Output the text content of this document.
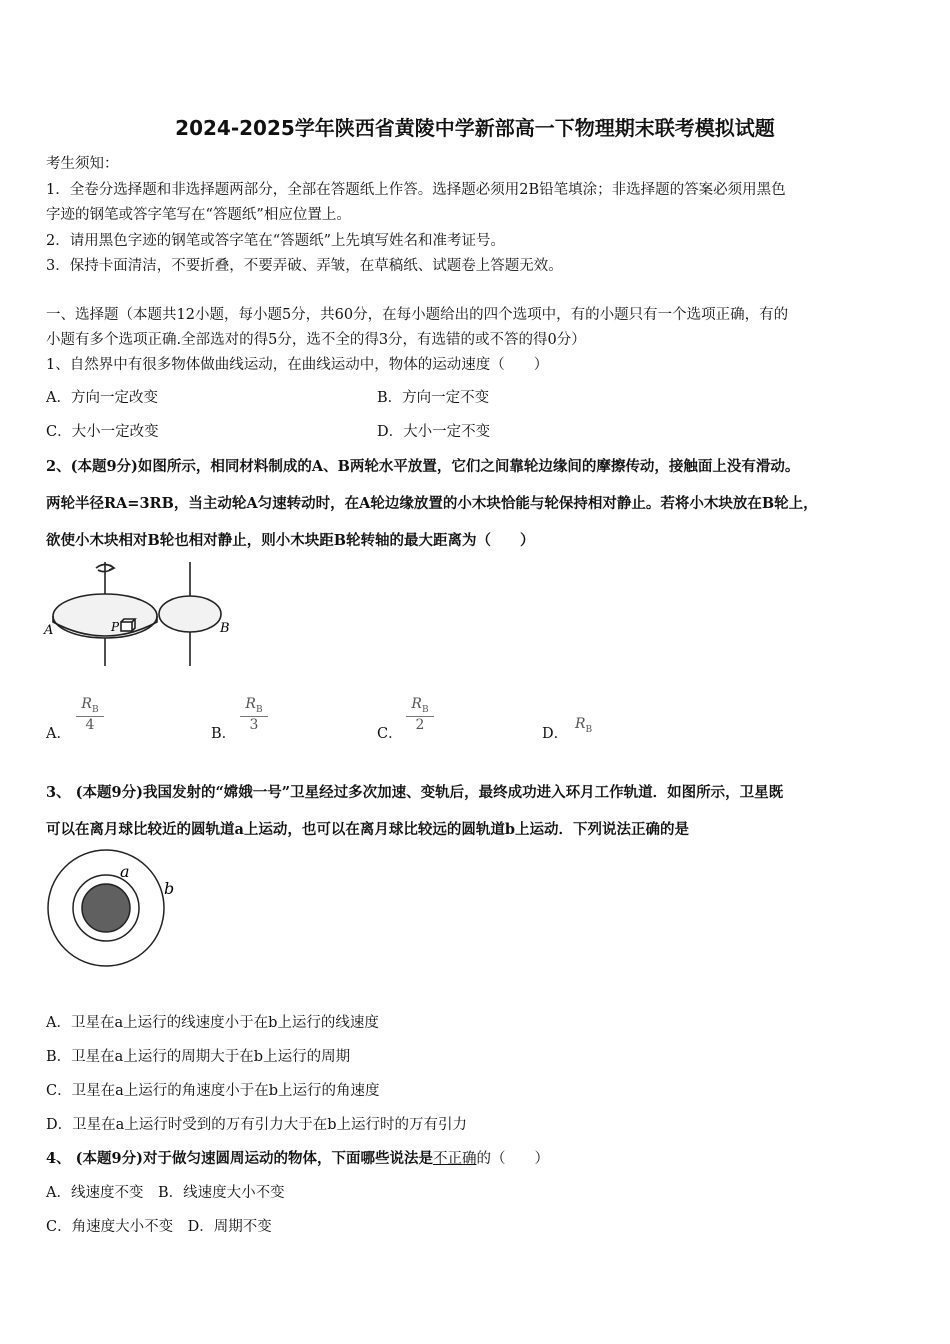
2024-2025学年陕西省黄陵中学新部高一下物理期末联考模拟试题
考生须知：
1．全卷分选择题和非选择题两部分，全部在答题纸上作答。选择题必须用2B铅笔填涂；非选择题的答案必须用黑色
字迹的钢笔或答字笔写在“答题纸”相应位置上。
2．请用黑色字迹的钢笔或答字笔在“答题纸”上先填写姓名和准考证号。
3．保持卡面清洁，不要折叠，不要弄破、弄皱，在草稿纸、试题卷上答题无效。
一、选择题（本题共12小题，每小题5分，共60分，在每小题给出的四个选项中，有的小题只有一个选项正确，有的
小题有多个选项正确.全部选对的得5分，选不全的得3分，有选错的或不答的得0分）
1、自然界中有很多物体做曲线运动，在曲线运动中，物体的运动速度（　　）
A．方向一定改变	B．方向一定不变
C．大小一定改变	D．大小一定不变
2、(本题9分)如图所示，相同材料制成的A、B两轮水平放置，它们之间靠轮边缘间的摩擦传动，接触面上没有滑动。
两轮半径RA=3RB，当主动轮A匀速转动时，在A轮边缘放置的小木块恰能与轮保持相对静止。若将小木块放在B轮上，
欲使小木块相对B轮也相对静止，则小木块距B轮转轴的最大距离为（　　）
A	B
P
A．
$\frac{R_B}{4}$
B．
$\frac{R_B}{3}$
C．
$\frac{R_B}{2}$
D．
$R_B$
3、 (本题9分)我国发射的“嫦娥一号”卫星经过多次加速、变轨后，最终成功进入环月工作轨道．如图所示，卫星既
可以在离月球比较近的圆轨道a上运动，也可以在离月球比较远的圆轨道b上运动．下列说法正确的是
a
b
A．卫星在a上运行的线速度小于在b上运行的线速度
B．卫星在a上运行的周期大于在b上运行的周期
C．卫星在a上运行的角速度小于在b上运行的角速度
D．卫星在a上运行时受到的万有引力大于在b上运行时的万有引力
4、 (本题9分)对于做匀速圆周运动的物体，下面哪些说法是不正确的（　　）
A．线速度不变　B．线速度大小不变
C．角速度大小不变　D．周期不变
